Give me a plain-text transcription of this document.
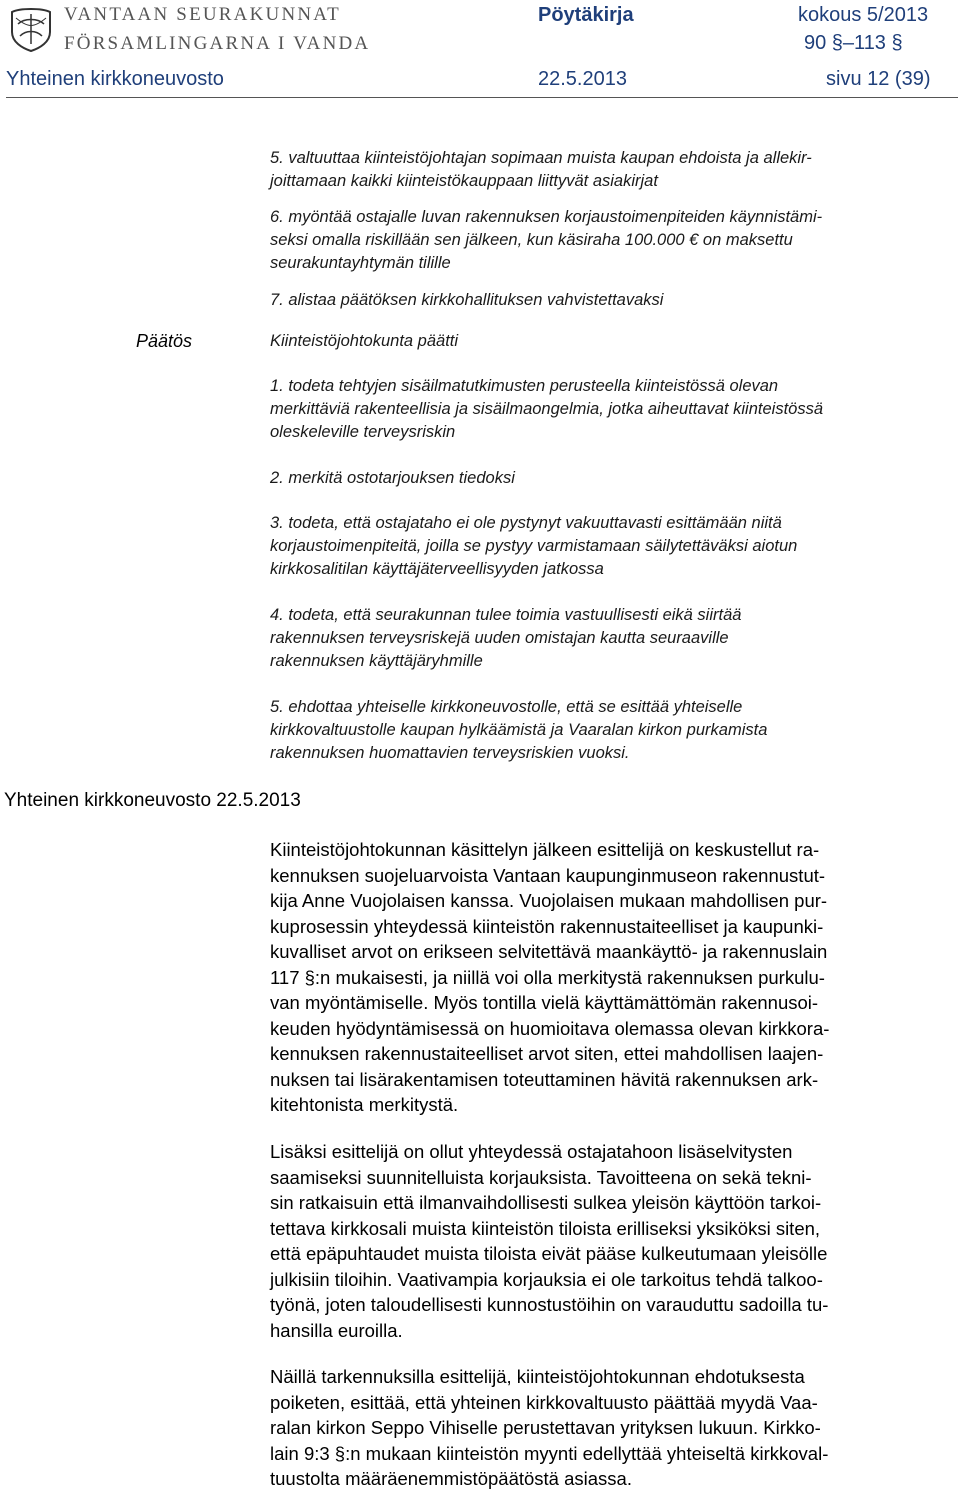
VANTAAN SEURAKUNNAT
FÖRSAMLINGARNA I VANDA
Pöytäkirja	kokous 5/2013
90 §–113 §
Yhteinen kirkkoneuvosto	22.5.2013	sivu 12 (39)

5. valtuuttaa kiinteistöjohtajan sopimaan muista kaupan ehdoista ja allekir-

joittamaan kaikki kiinteistökauppaan liittyvät asiakirjat

6. myöntää ostajalle luvan rakennuksen korjaustoimenpiteiden käynnistämi-

seksi omalla riskillään sen jälkeen, kun käsiraha 100.000 € on maksettu

seurakuntayhtymän tilille

7. alistaa päätöksen kirkkohallituksen vahvistettavaksi

Päätös	Kiinteistöjohtokunta päätti

1. todeta tehtyjen sisäilmatutkimusten perusteella kiinteistössä olevan

merkittäviä rakenteellisia ja sisäilmaongelmia, jotka aiheuttavat kiinteistössä

oleskeleville terveysriskin

2. merkitä ostotarjouksen tiedoksi

3. todeta, että ostajataho ei ole pystynyt vakuuttavasti esittämään niitä

korjaustoimenpiteitä, joilla se pystyy varmistamaan säilytettäväksi aiotun

kirkkosalitilan käyttäjäterveellisyyden jatkossa

4. todeta, että seurakunnan tulee toimia vastuullisesti eikä siirtää

rakennuksen terveysriskejä uuden omistajan kautta seuraaville

rakennuksen käyttäjäryhmille

5. ehdottaa yhteiselle kirkkoneuvostolle, että se esittää yhteiselle

kirkkovaltuustolle kaupan hylkäämistä ja Vaaralan kirkon purkamista

rakennuksen huomattavien terveysriskien vuoksi.

Yhteinen kirkkoneuvosto 22.5.2013

Kiinteistöjohtokunnan käsittelyn jälkeen esittelijä on keskustellut ra-

kennuksen suojeluarvoista Vantaan kaupunginmuseon rakennustut-

kija Anne Vuojolaisen kanssa. Vuojolaisen mukaan mahdollisen pur-

kuprosessin yhteydessä kiinteistön rakennustaiteelliset ja kaupunki-

kuvalliset arvot on erikseen selvitettävä maankäyttö- ja rakennuslain

117 §:n mukaisesti, ja niillä voi olla merkitystä rakennuksen purkulu-

van myöntämiselle. Myös tontilla vielä käyttämättömän rakennusoi-

keuden hyödyntämisessä on huomioitava olemassa olevan kirkkora-

kennuksen rakennustaiteelliset arvot siten, ettei mahdollisen laajen-

nuksen tai lisärakentamisen toteuttaminen hävitä rakennuksen ark-

kitehtonista merkitystä.

Lisäksi esittelijä on ollut yhteydessä ostajatahoon lisäselvitysten

saamiseksi suunnitelluista korjauksista. Tavoitteena on sekä tekni-

sin ratkaisuin että ilmanvaihdollisesti sulkea yleisön käyttöön tarkoi-

tettava kirkkosali muista kiinteistön tiloista erilliseksi yksiköksi siten,

että epäpuhtaudet muista tiloista eivät pääse kulkeutumaan yleisölle

julkisiin tiloihin. Vaativampia korjauksia ei ole tarkoitus tehdä talkoo-

työnä, joten taloudellisesti kunnostustöihin on varauduttu sadoilla tu-

hansilla euroilla.

Näillä tarkennuksilla esittelijä, kiinteistöjohtokunnan ehdotuksesta

poiketen, esittää, että yhteinen kirkkovaltuusto päättää myydä Vaa-

ralan kirkon Seppo Vihiselle perustettavan yrityksen lukuun. Kirkko-

lain 9:3 §:n mukaan kiinteistön myynti edellyttää yhteiseltä kirkkoval-

tuustolta määräenemmistöpäätöstä asiassa.
